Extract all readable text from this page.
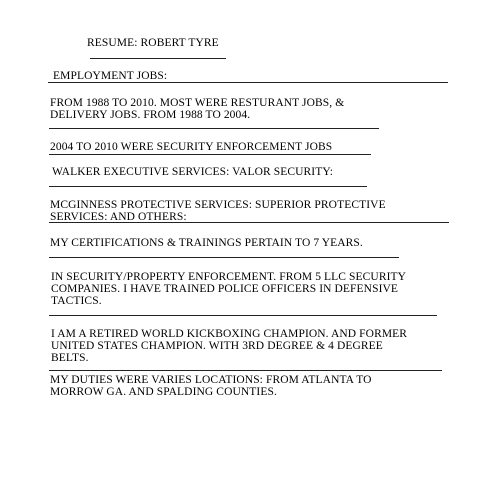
RESUME: ROBERT TYRE

EMPLOYMENT JOBS:

FROM 1988 TO 2010. MOST WERE RESTURANT JOBS, &

DELIVERY JOBS. FROM 1988 TO 2004.

2004 TO 2010 WERE SECURITY ENFORCEMENT JOBS

WALKER EXECUTIVE SERVICES: VALOR SECURITY:

MCGINNESS PROTECTIVE SERVICES: SUPERIOR PROTECTIVE

SERVICES: AND OTHERS:

MY CERTIFICATIONS & TRAININGS PERTAIN TO 7 YEARS.

IN SECURITY/PROPERTY ENFORCEMENT. FROM 5 LLC SECURITY

COMPANIES. I HAVE TRAINED POLICE OFFICERS IN DEFENSIVE

TACTICS.

I AM A RETIRED WORLD KICKBOXING CHAMPION. AND FORMER

UNITED STATES CHAMPION. WITH 3RD DEGREE & 4 DEGREE

BELTS.

MY DUTIES WERE VARIES LOCATIONS: FROM ATLANTA TO

MORROW GA. AND SPALDING COUNTIES.
